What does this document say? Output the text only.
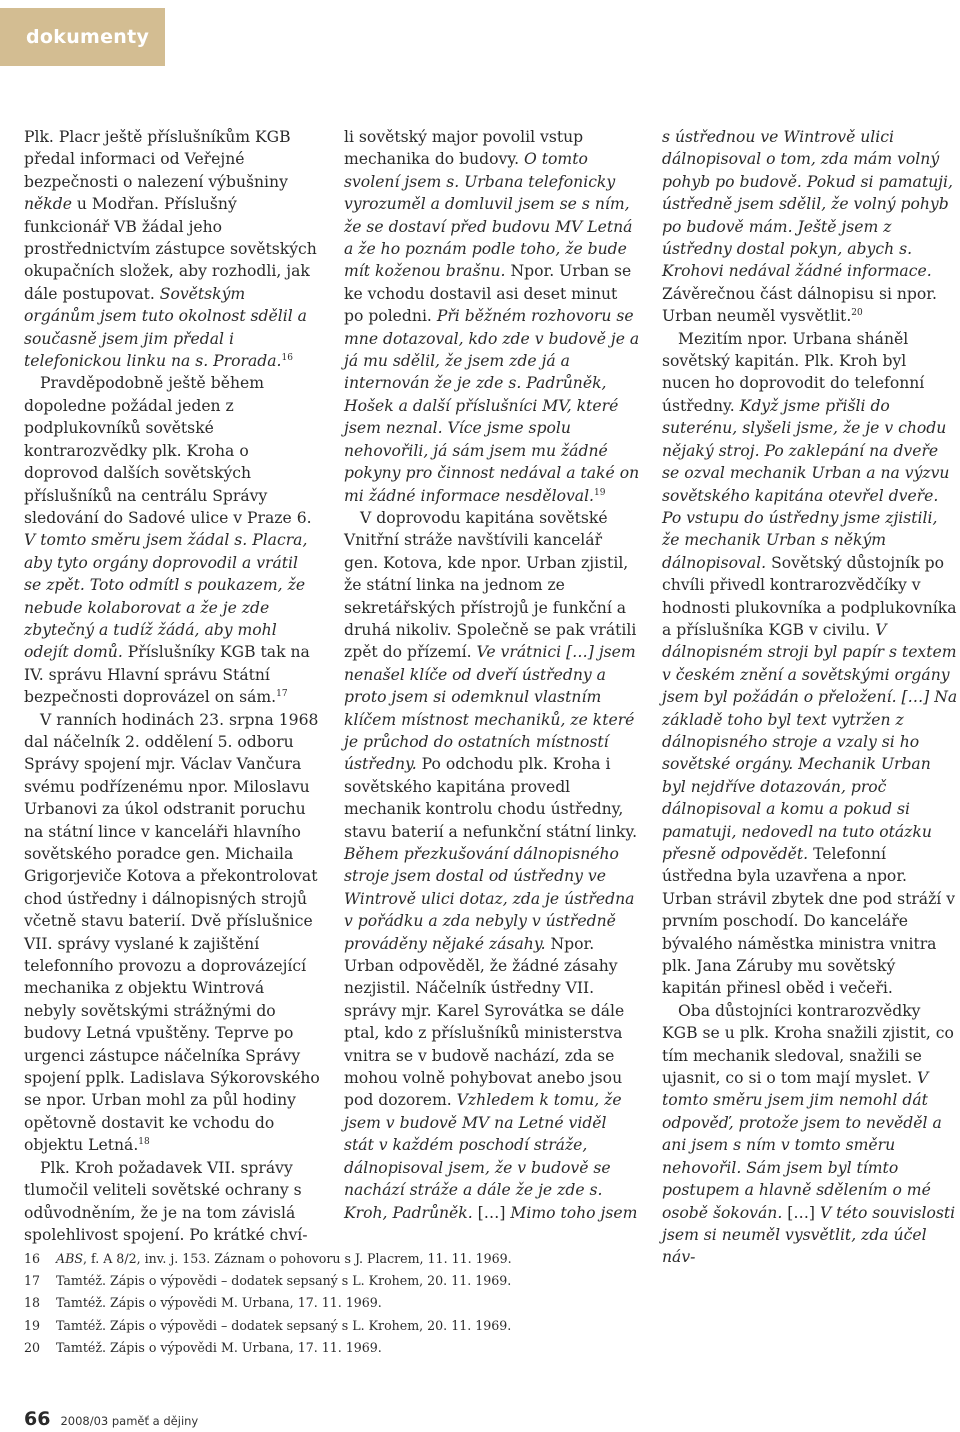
dokumenty

Plk. Placr ještě příslušníkům KGB předal informaci od Veřejné bezpečnosti o nalezení výbušniny někde u Modřan. Příslušný funkcionář VB žádal jeho prostřednictvím zástupce sovětských okupačních složek, aby rozhodli, jak dále postupovat. Sovětským orgánům jsem tuto okolnost sdělil a současně jsem jim předal i telefonickou linku na s. Prorada.$^{16}$

Pravděpodobně ještě během dopoledne požádal jeden z podplukovníků sovětské kontrarozvědky plk. Kroha o doprovod dalších sovětských příslušníků na centrálu Správy sledování do Sadové ulice v Praze 6. V tomto směru jsem žádal s. Placra, aby tyto orgány doprovodil a vrátil se zpět. Toto odmítl s poukazem, že nebude kolaborovat a že je zde zbytečný a tudíž žádá, aby mohl odejít domů. Příslušníky KGB tak na IV. správu Hlavní správu Státní bezpečnosti doprovázel on sám.$^{17}$

V ranních hodinách 23. srpna 1968 dal náčelník 2. oddělení 5. odboru Správy spojení mjr. Václav Vančura svému podřízenému npor. Miloslavu Urbanovi za úkol odstranit poruchu na státní lince v kanceláři hlavního sovětského poradce gen. Michaila Grigorjeviče Kotova a překontrolovat chod ústředny i dálnopisných strojů včetně stavu baterií. Dvě příslušnice VII. správy vyslané k zajištění telefonního provozu a doprovázející mechanika z objektu Wintrová nebyly sovětskými strážnými do budovy Letná vpuštěny. Teprve po urgenci zástupce náčelníka Správy spojení pplk. Ladislava Sýkorovského se npor. Urban mohl za půl hodiny opětovně dostavit ke vchodu do objektu Letná.$^{18}$

Plk. Kroh požadavek VII. správy tlumočil veliteli sovětské ochrany s odůvodněním, že je na tom závislá spolehlivost spojení. Po krátké chví-

li sovětský major povolil vstup mechanika do budovy. O tomto svolení jsem s. Urbana telefonicky vyrozuměl a domluvil jsem se s ním, že se dostaví před budovu MV Letná a že ho poznám podle toho, že bude mít koženou brašnu. Npor. Urban se ke vchodu dostavil asi deset minut po poledni. Při běžném rozhovoru se mne dotazoval, kdo zde v budově je a já mu sdělil, že jsem zde já a internován že je zde s. Padrůněk, Hošek a další příslušníci MV, které jsem neznal. Více jsme spolu nehovořili, já sám jsem mu žádné pokyny pro činnost nedával a také on mi žádné informace nesděloval.$^{19}$

V doprovodu kapitána sovětské Vnitřní stráže navštívili kancelář gen. Kotova, kde npor. Urban zjistil, že státní linka na jednom ze sekretářských přístrojů je funkční a druhá nikoliv. Společně se pak vrátili zpět do přízemí. Ve vrátnici […] jsem nenašel klíče od dveří ústředny a proto jsem si odemknul vlastním klíčem místnost mechaniků, ze které je průchod do ostatních místností ústředny. Po odchodu plk. Kroha i sovětského kapitána provedl mechanik kontrolu chodu ústředny, stavu baterií a nefunkční státní linky. Během přezkušování dálnopisného stroje jsem dostal od ústředny ve Wintrově ulici dotaz, zda je ústředna v pořádku a zda nebyly v ústředně prováděny nějaké zásahy. Npor. Urban odpověděl, že žádné zásahy nezjistil. Náčelník ústředny VII. správy mjr. Karel Syrovátka se dále ptal, kdo z příslušníků ministerstva vnitra se v budově nachází, zda se mohou volně pohybovat anebo jsou pod dozorem. Vzhledem k tomu, že jsem v budově MV na Letné viděl stát v každém poschodí stráže, dálnopisoval jsem, že v budově se nachází stráže a dále že je zde s. Kroh, Padrůněk. […] Mimo toho jsem

s ústřednou ve Wintrově ulici dálnopisoval o tom, zda mám volný pohyb po budově. Pokud si pamatuji, ústředně jsem sdělil, že volný pohyb po budově mám. Ještě jsem z ústředny dostal pokyn, abych s. Krohovi nedával žádné informace. Závěrečnou část dálnopisu si npor. Urban neuměl vysvětlit.$^{20}$

Mezitím npor. Urbana sháněl sovětský kapitán. Plk. Kroh byl nucen ho doprovodit do telefonní ústředny. Když jsme přišli do suterénu, slyšeli jsme, že je v chodu nějaký stroj. Po zaklepání na dveře se ozval mechanik Urban a na výzvu sovětského kapitána otevřel dveře. Po vstupu do ústředny jsme zjistili, že mechanik Urban s někým dálnopisoval. Sovětský důstojník po chvíli přivedl kontrarozvědčíky v hodnosti plukovníka a podplukovníka a příslušníka KGB v civilu. V dálnopisném stroji byl papír s textem v českém znění a sovětskými orgány jsem byl požádán o přeložení. […] Na základě toho byl text vytržen z dálnopisného stroje a vzaly si ho sovětské orgány. Mechanik Urban byl nejdříve dotazován, proč dálnopisoval a komu a pokud si pamatuji, nedovedl na tuto otázku přesně odpovědět. Telefonní ústředna byla uzavřena a npor. Urban strávil zbytek dne pod stráží v prvním poschodí. Do kanceláře bývalého náměstka ministra vnitra plk. Jana Záruby mu sovětský kapitán přinesl oběd i večeři.

Oba důstojníci kontrarozvědky KGB se u plk. Kroha snažili zjistit, co tím mechanik sledoval, snažili se ujasnit, co si o tom mají myslet. V tomto směru jsem jim nemohl dát odpověď, protože jsem to nevěděl a ani jsem s ním v tomto směru nehovořil. Sám jsem byl tímto postupem a hlavně sdělením o mé osobě šokován. […] V této souvislosti jsem si neuměl vysvětlit, zda účel náv-

16	ABS, f. A 8/2, inv. j. 153. Záznam o pohovoru s J. Placrem, 11. 11. 1969.
17	Tamtéž. Zápis o výpovědi – dodatek sepsaný s L. Krohem, 20. 11. 1969.
18	Tamtéž. Zápis o výpovědi M. Urbana, 17. 11. 1969.
19	Tamtéž. Zápis o výpovědi – dodatek sepsaný s L. Krohem, 20. 11. 1969.
20	Tamtéž. Zápis o výpovědi M. Urbana, 17. 11. 1969.
66 2008/03 paměť a dějiny
